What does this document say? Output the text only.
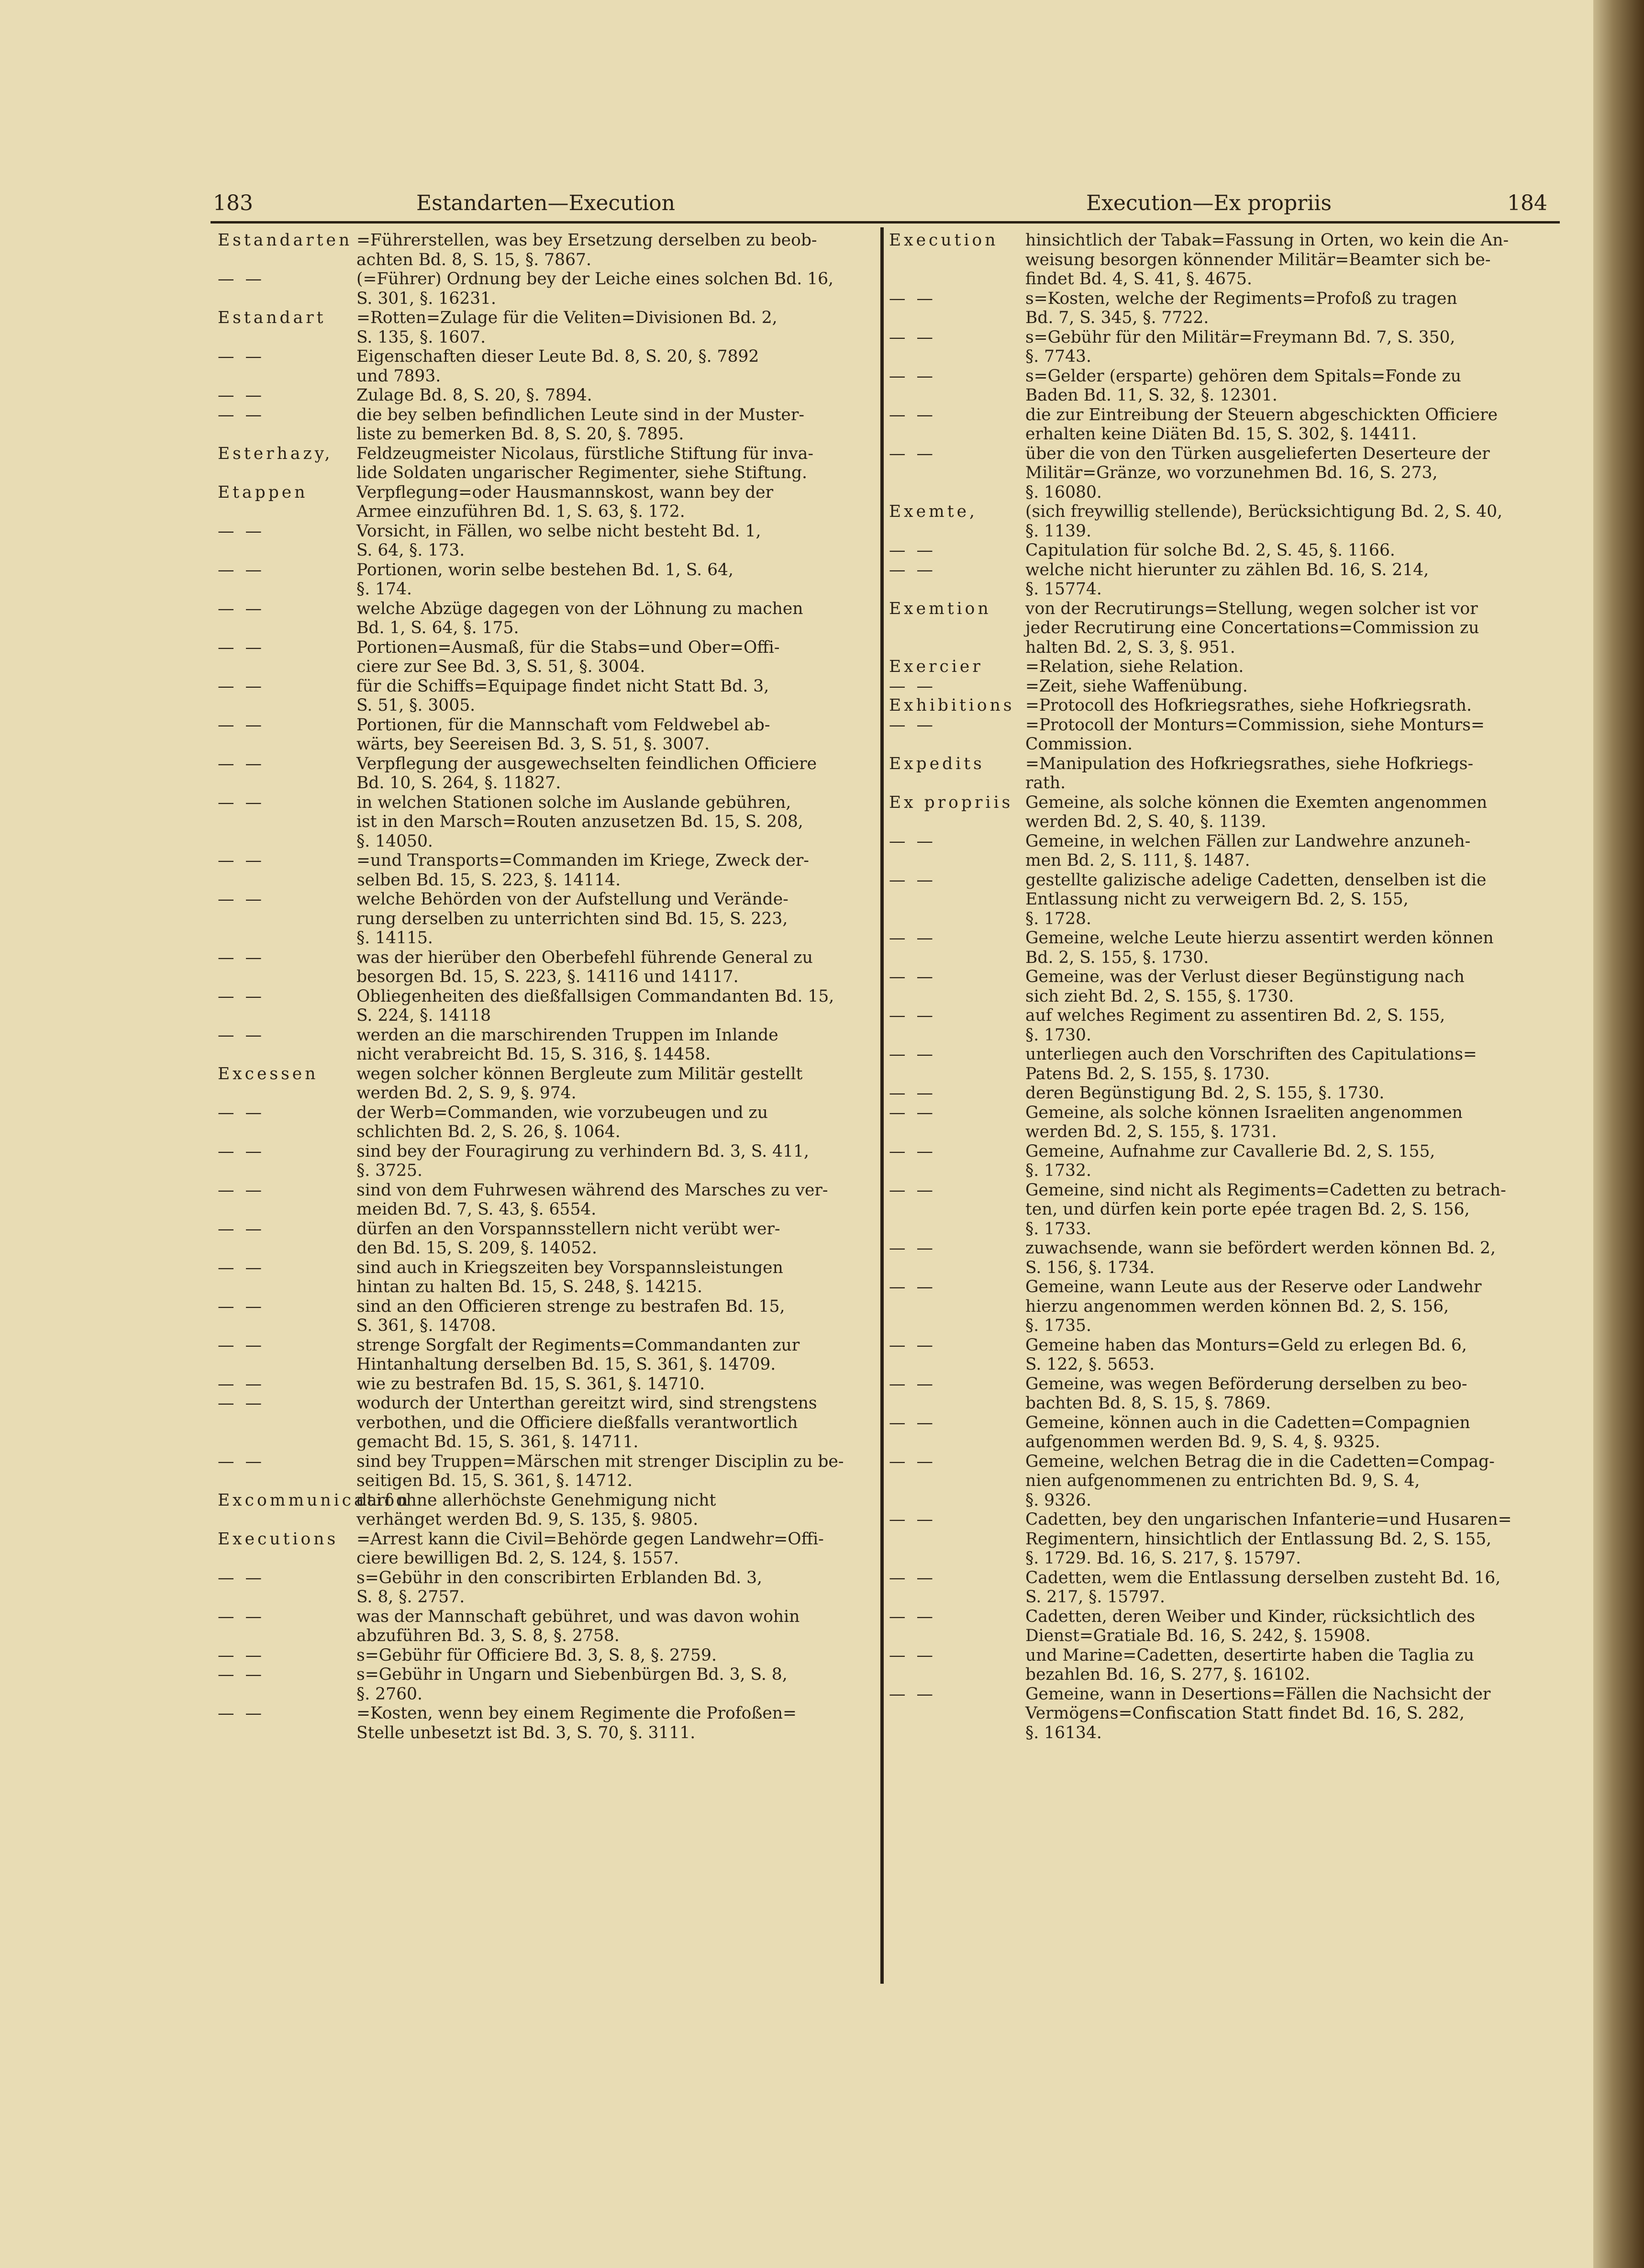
183	Estandarten—Execution	Execution—Ex propriis	184
Estandarten =Führerstellen, was bey Ersetzung derselben zu beob-
achten Bd. 8, S. 15, §. 7867.
— —	(=Führer) Ordnung bey der Leiche eines solchen Bd. 16,
S. 301, §. 16231.
Estandart =Rotten=Zulage für die Veliten=Divisionen Bd. 2,
S. 135, §. 1607.
— —	Eigenschaften dieser Leute Bd. 8, S. 20, §. 7892
und 7893.
— —	Zulage Bd. 8, S. 20, §. 7894.
— —	die bey selben befindlichen Leute sind in der Muster-
liste zu bemerken Bd. 8, S. 20, §. 7895.
Esterhazy, Feldzeugmeister Nicolaus, fürstliche Stiftung für inva-
lide Soldaten ungarischer Regimenter, siehe Stiftung.
Etappen	Verpflegung=oder Hausmannskost, wann bey der
Armee einzuführen Bd. 1, S. 63, §. 172.
— —	Vorsicht, in Fällen, wo selbe nicht besteht Bd. 1,
S. 64, §. 173.
— —	Portionen, worin selbe bestehen Bd. 1, S. 64,
§. 174.
— —	welche Abzüge dagegen von der Löhnung zu machen
Bd. 1, S. 64, §. 175.
— —	Portionen=Ausmaß, für die Stabs=und Ober=Offi-
ciere zur See Bd. 3, S. 51, §. 3004.
— —	für die Schiffs=Equipage findet nicht Statt Bd. 3,
S. 51, §. 3005.
— —	Portionen, für die Mannschaft vom Feldwebel ab-
wärts, bey Seereisen Bd. 3, S. 51, §. 3007.
— —	Verpflegung der ausgewechselten feindlichen Officiere
Bd. 10, S. 264, §. 11827.
— —	in welchen Stationen solche im Auslande gebühren,
ist in den Marsch=Routen anzusetzen Bd. 15, S. 208,
§. 14050.
— —	=und Transports=Commanden im Kriege, Zweck der-
selben Bd. 15, S. 223, §. 14114.
— —	welche Behörden von der Aufstellung und Verände-
rung derselben zu unterrichten sind Bd. 15, S. 223,
§. 14115.
— —	was der hierüber den Oberbefehl führende General zu
besorgen Bd. 15, S. 223, §. 14116 und 14117.
— —	Obliegenheiten des dießfallsigen Commandanten Bd. 15,
S. 224, §. 14118
— —	werden an die marschirenden Truppen im Inlande
nicht verabreicht Bd. 15, S. 316, §. 14458.
Excessen wegen solcher können Bergleute zum Militär gestellt
werden Bd. 2, S. 9, §. 974.
— —	der Werb=Commanden, wie vorzubeugen und zu
schlichten Bd. 2, S. 26, §. 1064.
— —	sind bey der Fouragirung zu verhindern Bd. 3, S. 411,
§. 3725.
— —	sind von dem Fuhrwesen während des Marsches zu ver-
meiden Bd. 7, S. 43, §. 6554.
— —	dürfen an den Vorspannsstellern nicht verübt wer-
den Bd. 15, S. 209, §. 14052.
— —	sind auch in Kriegszeiten bey Vorspannsleistungen
hintan zu halten Bd. 15, S. 248, §. 14215.
— —	sind an den Officieren strenge zu bestrafen Bd. 15,
S. 361, §. 14708.
— —	strenge Sorgfalt der Regiments=Commandanten zur
Hintanhaltung derselben Bd. 15, S. 361, §. 14709.
— —	wie zu bestrafen Bd. 15, S. 361, §. 14710.
— —	wodurch der Unterthan gereitzt wird, sind strengstens
verbothen, und die Officiere dießfalls verantwortlich
gemacht Bd. 15, S. 361, §. 14711.
— —	sind bey Truppen=Märschen mit strenger Disciplin zu be-
seitigen Bd. 15, S. 361, §. 14712.
Excommunication
darf ohne allerhöchste Genehmigung nicht
verhänget werden Bd. 9, S. 135, §. 9805.
Executions =Arrest kann die Civil=Behörde gegen Landwehr=Offi-
ciere bewilligen Bd. 2, S. 124, §. 1557.
— —	s=Gebühr in den conscribirten Erblanden Bd. 3,
S. 8, §. 2757.
— —	was der Mannschaft gebühret, und was davon wohin
abzuführen Bd. 3, S. 8, §. 2758.
— —	s=Gebühr für Officiere Bd. 3, S. 8, §. 2759.
— —	s=Gebühr in Ungarn und Siebenbürgen Bd. 3, S. 8,
§. 2760.
— —	=Kosten, wenn bey einem Regimente die Profoßen=
Stelle unbesetzt ist Bd. 3, S. 70, §. 3111.
Execution hinsichtlich der Tabak=Fassung in Orten, wo kein die An-
weisung besorgen könnender Militär=Beamter sich be-
findet Bd. 4, S. 41, §. 4675.
— —	s=Kosten, welche der Regiments=Profoß zu tragen
Bd. 7, S. 345, §. 7722.
— —	s=Gebühr für den Militär=Freymann Bd. 7, S. 350,
§. 7743.
— —	s=Gelder (ersparte) gehören dem Spitals=Fonde zu
Baden Bd. 11, S. 32, §. 12301.
— —	die zur Eintreibung der Steuern abgeschickten Officiere
erhalten keine Diäten Bd. 15, S. 302, §. 14411.
— —	über die von den Türken ausgelieferten Deserteure der
Militär=Gränze, wo vorzunehmen Bd. 16, S. 273,
§. 16080.
Exemte,	(sich freywillig stellende), Berücksichtigung Bd. 2, S. 40,
§. 1139.
— —	Capitulation für solche Bd. 2, S. 45, §. 1166.
— —	welche nicht hierunter zu zählen Bd. 16, S. 214,
§. 15774.
Exemtion von der Recrutirungs=Stellung, wegen solcher ist vor
jeder Recrutirung eine Concertations=Commission zu
halten Bd. 2, S. 3, §. 951.
Exercier	=Relation, siehe Relation.
— —	=Zeit, siehe Waffenübung.
Exhibitions =Protocoll des Hofkriegsrathes, siehe Hofkriegsrath.
— —	=Protocoll der Monturs=Commission, siehe Monturs=
Commission.
Expedits =Manipulation des Hofkriegsrathes, siehe Hofkriegs-
rath.
Ex propriis Gemeine, als solche können die Exemten angenommen
werden Bd. 2, S. 40, §. 1139.
— —	Gemeine, in welchen Fällen zur Landwehre anzuneh-
men Bd. 2, S. 111, §. 1487.
— —	gestellte galizische adelige Cadetten, denselben ist die
Entlassung nicht zu verweigern Bd. 2, S. 155,
§. 1728.
— —	Gemeine, welche Leute hierzu assentirt werden können
Bd. 2, S. 155, §. 1730.
— —	Gemeine, was der Verlust dieser Begünstigung nach
sich zieht Bd. 2, S. 155, §. 1730.
— —	auf welches Regiment zu assentiren Bd. 2, S. 155,
§. 1730.
— —	unterliegen auch den Vorschriften des Capitulations=
Patens Bd. 2, S. 155, §. 1730.
— —	deren Begünstigung Bd. 2, S. 155, §. 1730.
— —	Gemeine, als solche können Israeliten angenommen
werden Bd. 2, S. 155, §. 1731.
— —	Gemeine, Aufnahme zur Cavallerie Bd. 2, S. 155,
§. 1732.
— —	Gemeine, sind nicht als Regiments=Cadetten zu betrach-
ten, und dürfen kein porte epée tragen Bd. 2, S. 156,
§. 1733.
— —	zuwachsende, wann sie befördert werden können Bd. 2,
S. 156, §. 1734.
— —	Gemeine, wann Leute aus der Reserve oder Landwehr
hierzu angenommen werden können Bd. 2, S. 156,
§. 1735.
— —	Gemeine haben das Monturs=Geld zu erlegen Bd. 6,
S. 122, §. 5653.
— —	Gemeine, was wegen Beförderung derselben zu beo-
bachten Bd. 8, S. 15, §. 7869.
— —	Gemeine, können auch in die Cadetten=Compagnien
aufgenommen werden Bd. 9, S. 4, §. 9325.
— —	Gemeine, welchen Betrag die in die Cadetten=Compag-
nien aufgenommenen zu entrichten Bd. 9, S. 4,
§. 9326.
— —	Cadetten, bey den ungarischen Infanterie=und Husaren=
Regimentern, hinsichtlich der Entlassung Bd. 2, S. 155,
§. 1729. Bd. 16, S. 217, §. 15797.
— —	Cadetten, wem die Entlassung derselben zusteht Bd. 16,
S. 217, §. 15797.
— —	Cadetten, deren Weiber und Kinder, rücksichtlich des
Dienst=Gratiale Bd. 16, S. 242, §. 15908.
— —	und Marine=Cadetten, desertirte haben die Taglia zu
bezahlen Bd. 16, S. 277, §. 16102.
— —	Gemeine, wann in Desertions=Fällen die Nachsicht der
Vermögens=Confiscation Statt findet Bd. 16, S. 282,
§. 16134.
